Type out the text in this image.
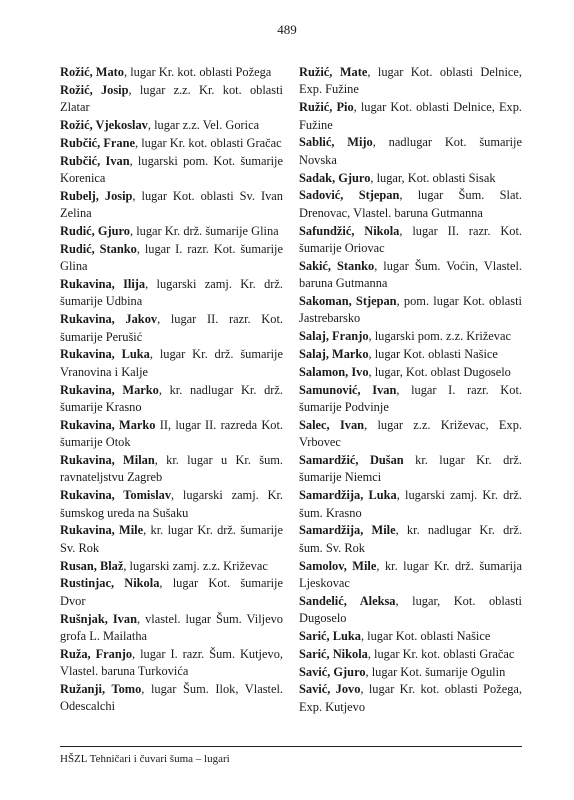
489

Rožić, Mato, lugar Kr. kot. oblasti Požega

Rožić, Josip, lugar z.z. Kr. kot. oblasti Zlatar

Rožić, Vjekoslav, lugar z.z. Vel. Gorica

Rubčić, Frane, lugar Kr. kot. oblasti Gračac

Rubčić, Ivan, lugarski pom. Kot. šumarije Korenica

Rubelj, Josip, lugar Kot. oblasti Sv. Ivan Zelina

Rudić, Gjuro, lugar Kr. drž. šumarije Glina

Rudić, Stanko, lugar I. razr. Kot. šumarije Glina

Rukavina, Ilija, lugarski zamj. Kr. drž. šumarije Udbina

Rukavina, Jakov, lugar II. razr. Kot. šumarije Perušić

Rukavina, Luka, lugar Kr. drž. šumarije Vranovina i Kalje

Rukavina, Marko, kr. nadlugar Kr. drž. šumarije Krasno

Rukavina, Marko II, lugar II. razreda Kot. šumarije Otok

Rukavina, Milan, kr. lugar u Kr. šum. ravnateljstvu Zagreb

Rukavina, Tomislav, lugarski zamj. Kr. šumskog ureda na Sušaku

Rukavina, Mile, kr. lugar Kr. drž. šumarije Sv. Rok

Rusan, Blaž, lugarski zamj. z.z. Križevac

Rustinjac, Nikola, lugar Kot. šumarije Dvor

Rušnjak, Ivan, vlastel. lugar Šum. Viljevo grofa L. Mailatha

Ruža, Franjo, lugar I. razr. Šum. Kutjevo, Vlastel. baruna Turkovića

Ružanji, Tomo, lugar Šum. Ilok, Vlastel. Odescalchi

Ružić, Mate, lugar Kot. oblasti Delnice, Exp. Fužine

Ružić, Pio, lugar Kot. oblasti Delnice, Exp. Fužine

Sablić, Mijo, nadlugar Kot. šumarije Novska

Sadak, Gjuro, lugar, Kot. oblasti Sisak

Sadović, Stjepan, lugar Šum. Slat. Drenovac, Vlastel. baruna Gutmanna

Safundžić, Nikola, lugar II. razr. Kot. šumarije Oriovac

Sakić, Stanko, lugar Šum. Voćin, Vlastel. baruna Gutmanna

Sakoman, Stjepan, pom. lugar Kot. oblasti Jastrebarsko

Salaj, Franjo, lugarski pom. z.z. Križevac

Salaj, Marko, lugar Kot. oblasti Našice

Salamon, Ivo, lugar, Kot. oblast Dugoselo

Samunović, Ivan, lugar I. razr. Kot. šumarije Podvinje

Salec, Ivan, lugar z.z. Križevac, Exp. Vrbovec

Samardžić, Dušan kr. lugar Kr. drž. šumarije Niemci

Samardžija, Luka, lugarski zamj. Kr. drž. šum. Krasno

Samardžija, Mile, kr. nadlugar Kr. drž. šum. Sv. Rok

Samolov, Mile, kr. lugar Kr. drž. šumarija Ljeskovac

Sandelić, Aleksa, lugar, Kot. oblasti Dugoselo

Sarić, Luka, lugar Kot. oblasti Našice

Sarić, Nikola, lugar Kr. kot. oblasti Gračac

Savić, Gjuro, lugar Kot. šumarije Ogulin

Savić, Jovo, lugar Kr. kot. oblasti Požega, Exp. Kutjevo

HŠZL Tehničari i čuvari šuma – lugari
